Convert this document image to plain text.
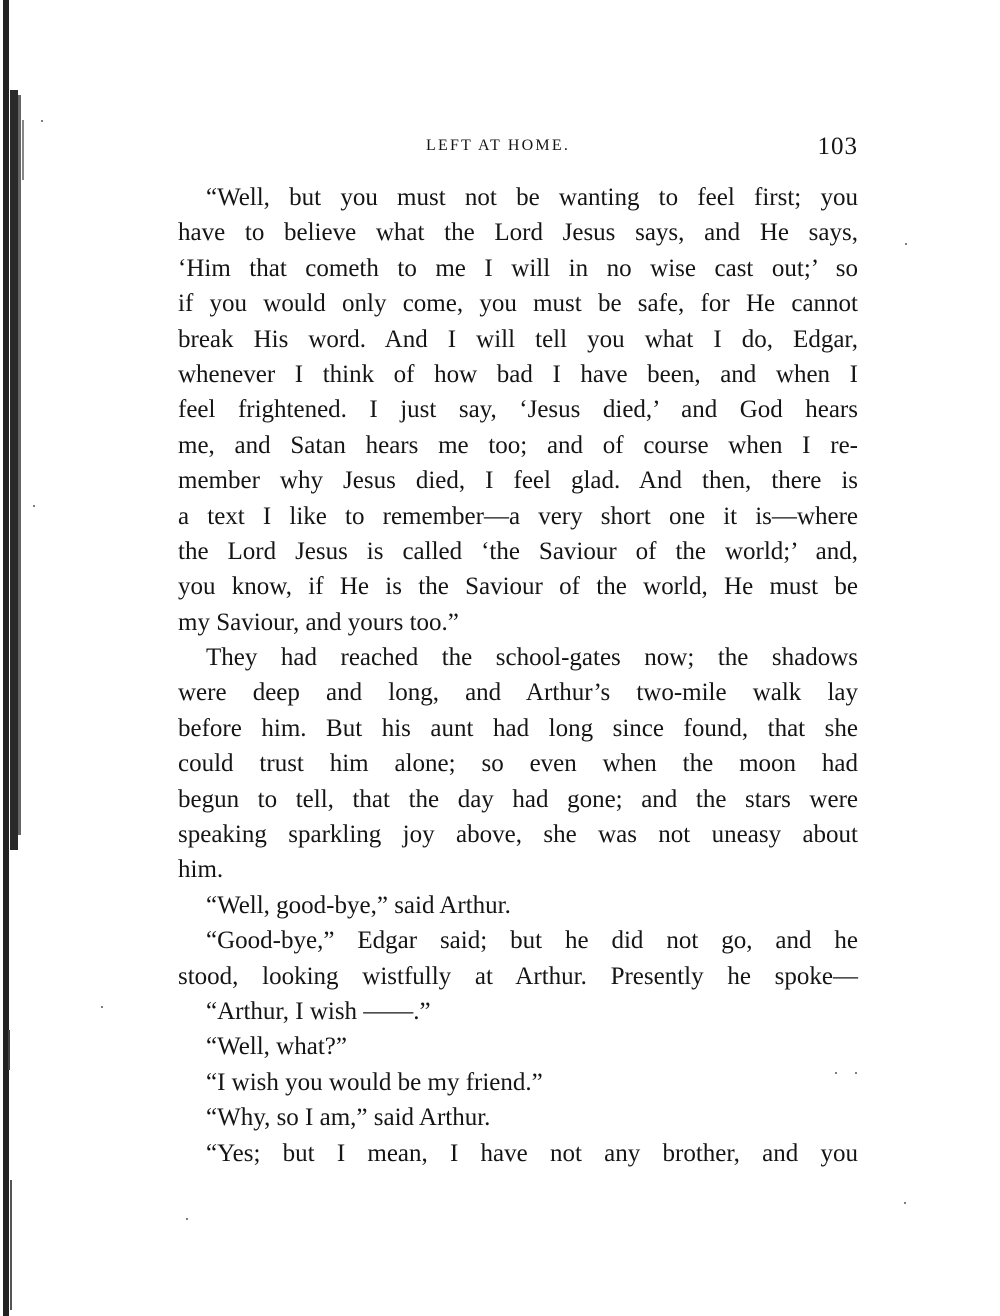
LEFT AT HOME.	103
“Well, but you must not be wanting to feel first; you
have to believe what the Lord Jesus says, and He says,
‘Him that cometh to me I will in no wise cast out;’ so
if you would only come, you must be safe, for He cannot
break His word. And I will tell you what I do, Edgar,
whenever I think of how bad I have been, and when I
feel frightened. I just say, ‘Jesus died,’ and God hears
me, and Satan hears me too; and of course when I re-
member why Jesus died, I feel glad. And then, there is
a text I like to remember—a very short one it is—where
the Lord Jesus is called ‘the Saviour of the world;’ and,
you know, if He is the Saviour of the world, He must be
my Saviour, and yours too.”
They had reached the school-gates now; the shadows
were deep and long, and Arthur’s two-mile walk lay
before him. But his aunt had long since found, that she
could trust him alone; so even when the moon had
begun to tell, that the day had gone; and the stars were
speaking sparkling joy above, she was not uneasy about
him.
“Well, good-bye,” said Arthur.
“Good-bye,” Edgar said; but he did not go, and he
stood, looking wistfully at Arthur. Presently he spoke—
“Arthur, I wish ——.”
“Well, what?”
“I wish you would be my friend.”
“Why, so I am,” said Arthur.
“Yes; but I mean, I have not any brother, and you
